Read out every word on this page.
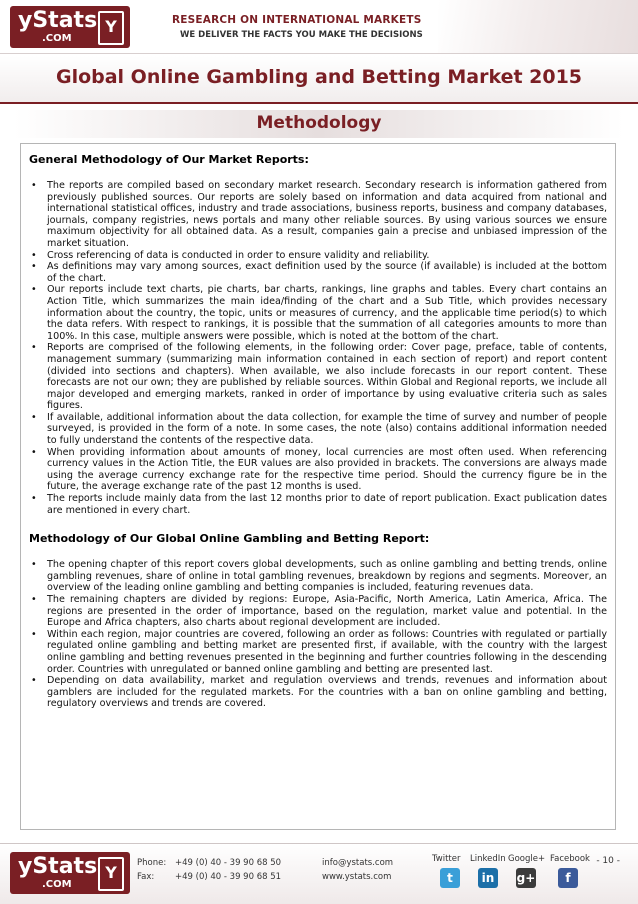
yStats
.COM
Y	RESEARCH ON INTERNATIONAL MARKETS
WE DELIVER THE FACTS YOU MAKE THE DECISIONS
Global Online Gambling and Betting Market 2015
Methodology
General Methodology of Our Market Reports:
• The reports are compiled based on secondary market research. Secondary research is information gathered from previously published sources. Our reports are solely based on information and data acquired from national and international statistical offices, industry and trade associations, business reports, business and company databases, journals, company registries, news portals and many other reliable sources. By using various sources we ensure maximum objectivity for all obtained data. As a result, companies gain a precise and unbiased impression of the market situation.
• Cross referencing of data is conducted in order to ensure validity and reliability.
• As definitions may vary among sources, exact definition used by the source (if available) is included at the bottom of the chart.
• Our reports include text charts, pie charts, bar charts, rankings, line graphs and tables. Every chart contains an Action Title, which summarizes the main idea/finding of the chart and a Sub Title, which provides necessary information about the country, the topic, units or measures of currency, and the applicable time period(s) to which the data refers. With respect to rankings, it is possible that the summation of all categories amounts to more than 100%. In this case, multiple answers were possible, which is noted at the bottom of the chart.
• Reports are comprised of the following elements, in the following order: Cover page, preface, table of contents, management summary (summarizing main information contained in each section of report) and report content (divided into sections and chapters). When available, we also include forecasts in our report content. These forecasts are not our own; they are published by reliable sources. Within Global and Regional reports, we include all major developed and emerging markets, ranked in order of importance by using evaluative criteria such as sales figures.
• If available, additional information about the data collection, for example the time of survey and number of people surveyed, is provided in the form of a note. In some cases, the note (also) contains additional information needed to fully understand the contents of the respective data.
• When providing information about amounts of money, local currencies are most often used. When referencing currency values in the Action Title, the EUR values are also provided in brackets. The conversions are always made using the average currency exchange rate for the respective time period. Should the currency figure be in the future, the average exchange rate of the past 12 months is used.
• The reports include mainly data from the last 12 months prior to date of report publication. Exact publication dates are mentioned in every chart.
Methodology of Our Global Online Gambling and Betting Report:
• The opening chapter of this report covers global developments, such as online gambling and betting trends, online gambling revenues, share of online in total gambling revenues, breakdown by regions and segments. Moreover, an overview of the leading online gambling and betting companies is included, featuring revenues data.
• The remaining chapters are divided by regions: Europe, Asia-Pacific, North America, Latin America, Africa. The regions are presented in the order of importance, based on the regulation, market value and potential. In the Europe and Africa chapters, also charts about regional development are included.
• Within each region, major countries are covered, following an order as follows: Countries with regulated or partially regulated online gambling and betting market are presented first, if available, with the country with the largest online gambling and betting revenues presented in the beginning and further countries following in the descending order. Countries with unregulated or banned online gambling and betting are presented last.
• Depending on data availability, market and regulation overviews and trends, revenues and information about gamblers are included for the regulated markets. For the countries with a ban on online gambling and betting, regulatory overviews and trends are covered.
yStats
.COM
Y	Phone: +49 (0) 40 - 39 90 68 50
Fax: +49 (0) 40 - 39 90 68 51
info@ystats.com
www.ystats.com
Twitter
t
LinkedIn
in
Google+
g+
Facebook
f
- 10 -
